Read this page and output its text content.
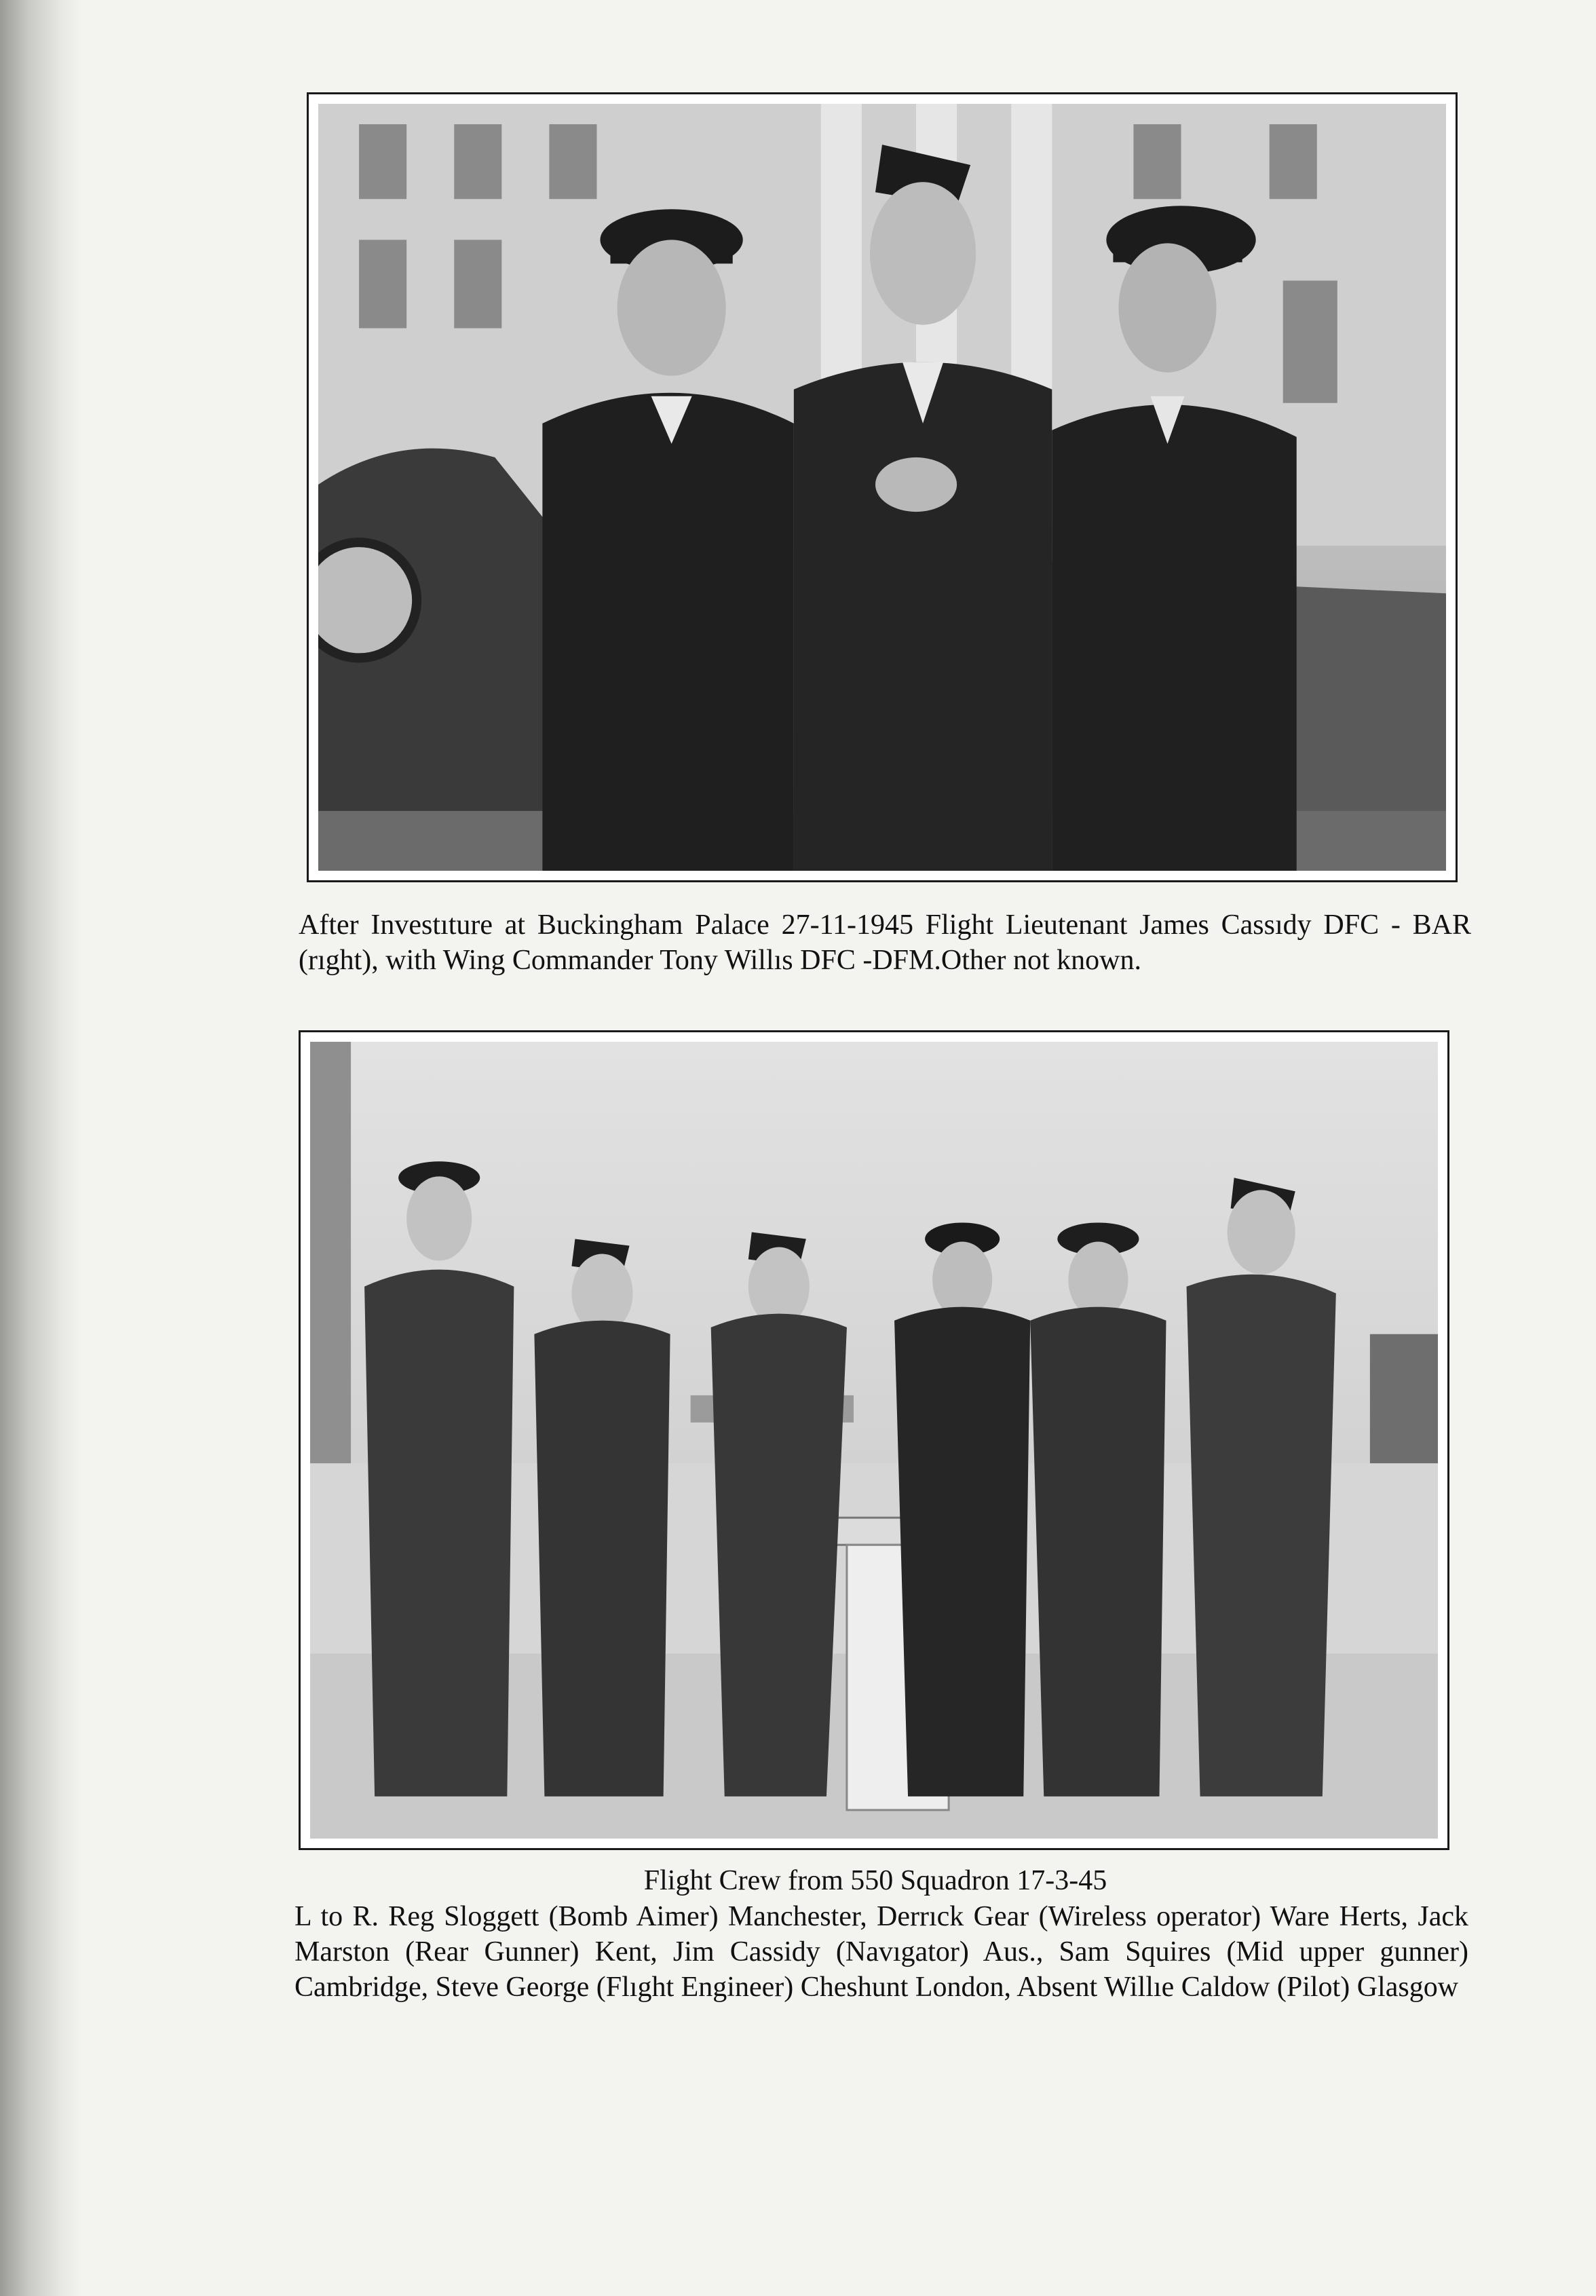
After Investıture at Buckingham Palace 27-11-1945 Flight Lieutenant James Cassıdy DFC - BAR (rıght), with Wing Commander Tony Willıs DFC -DFM.Other not known.
Flight Crew from 550 Squadron 17-3-45
L to R. Reg Sloggett (Bomb Aimer) Manchester, Derrıck Gear (Wireless operator) Ware Herts, Jack Marston (Rear Gunner) Kent, Jim Cassidy (Navıgator) Aus., Sam Squires (Mid upper gunner) Cambridge, Steve George (Flıght Engineer) Cheshunt London, Absent Willıe Caldow (Pilot) Glasgow
